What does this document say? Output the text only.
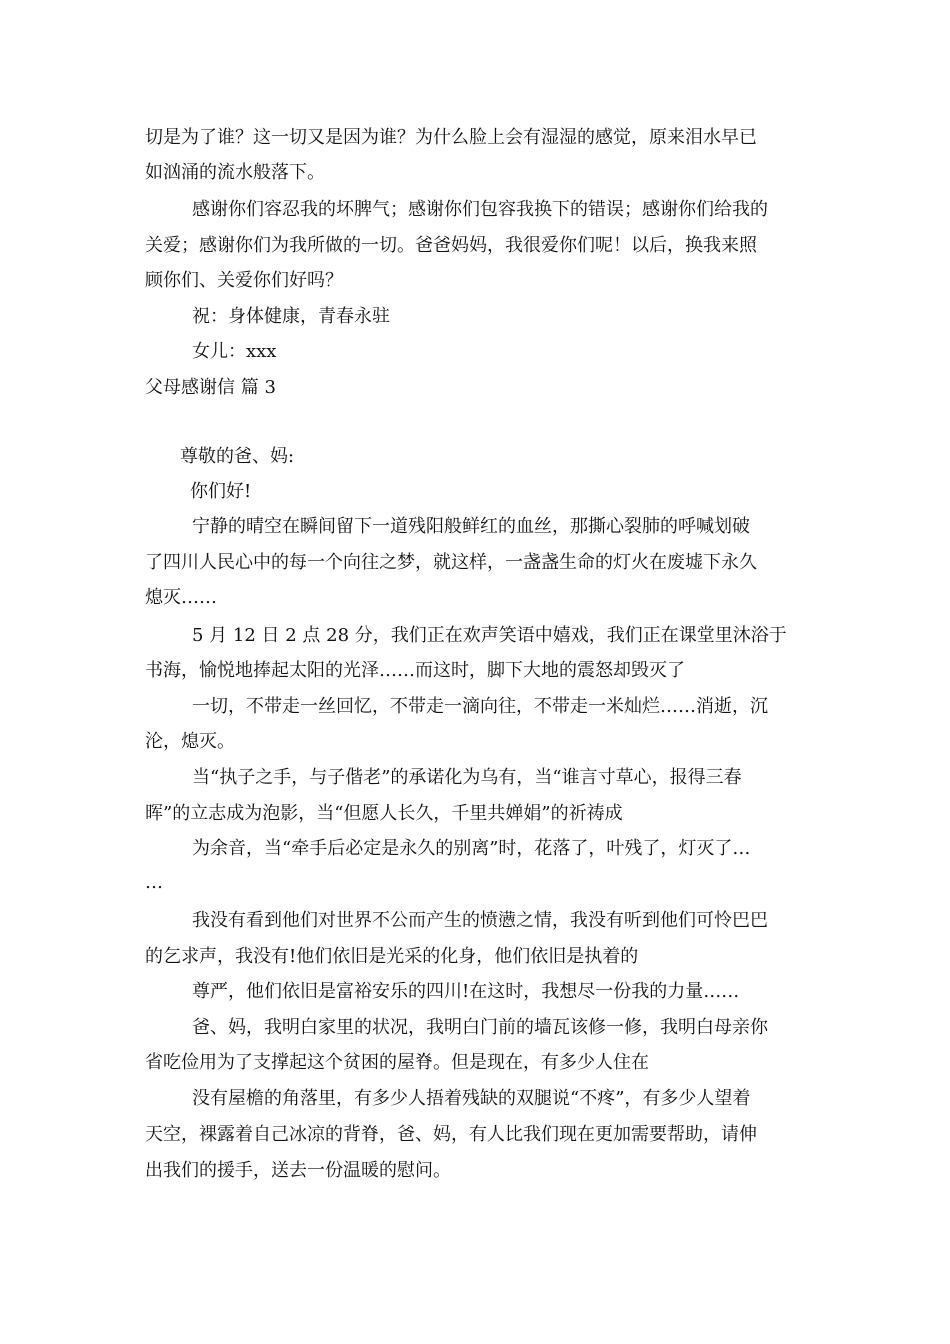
切是为了谁？这一切又是因为谁？为什么脸上会有湿湿的感觉，原来泪水早已
如汹涌的流水般落下。
感谢你们容忍我的坏脾气；感谢你们包容我换下的错误；感谢你们给我的
关爱；感谢你们为我所做的一切。爸爸妈妈，我很爱你们呢！以后，换我来照
顾你们、关爱你们好吗？
祝：身体健康，青春永驻
女儿：xxx
父母感谢信 篇 3
尊敬的爸、妈:
你们好!
宁静的晴空在瞬间留下一道残阳般鲜红的血丝，那撕心裂肺的呼喊划破
了四川人民心中的每一个向往之梦，就这样，一盏盏生命的灯火在废墟下永久
熄灭……
5 月 12 日 2 点 28 分，我们正在欢声笑语中嬉戏，我们正在课堂里沐浴于
书海，愉悦地捧起太阳的光泽……而这时，脚下大地的震怒却毁灭了
一切，不带走一丝回忆，不带走一滴向往，不带走一米灿烂……消逝，沉
沦，熄灭。
当“执子之手，与子偕老”的承诺化为乌有，当“谁言寸草心，报得三春
晖”的立志成为泡影，当“但愿人长久，千里共婵娟”的祈祷成
为余音，当“牵手后必定是永久的别离”时，花落了，叶残了，灯灭了…
…
我没有看到他们对世界不公而产生的愤懑之情，我没有听到他们可怜巴巴
的乞求声，我没有!他们依旧是光采的化身，他们依旧是执着的
尊严，他们依旧是富裕安乐的四川!在这时，我想尽一份我的力量……
爸、妈，我明白家里的状况，我明白门前的墙瓦该修一修，我明白母亲你
省吃俭用为了支撑起这个贫困的屋脊。但是现在，有多少人住在
没有屋檐的角落里，有多少人捂着残缺的双腿说“不疼”，有多少人望着
天空，裸露着自己冰凉的背脊，爸、妈，有人比我们现在更加需要帮助，请伸
出我们的援手，送去一份温暖的慰问。
